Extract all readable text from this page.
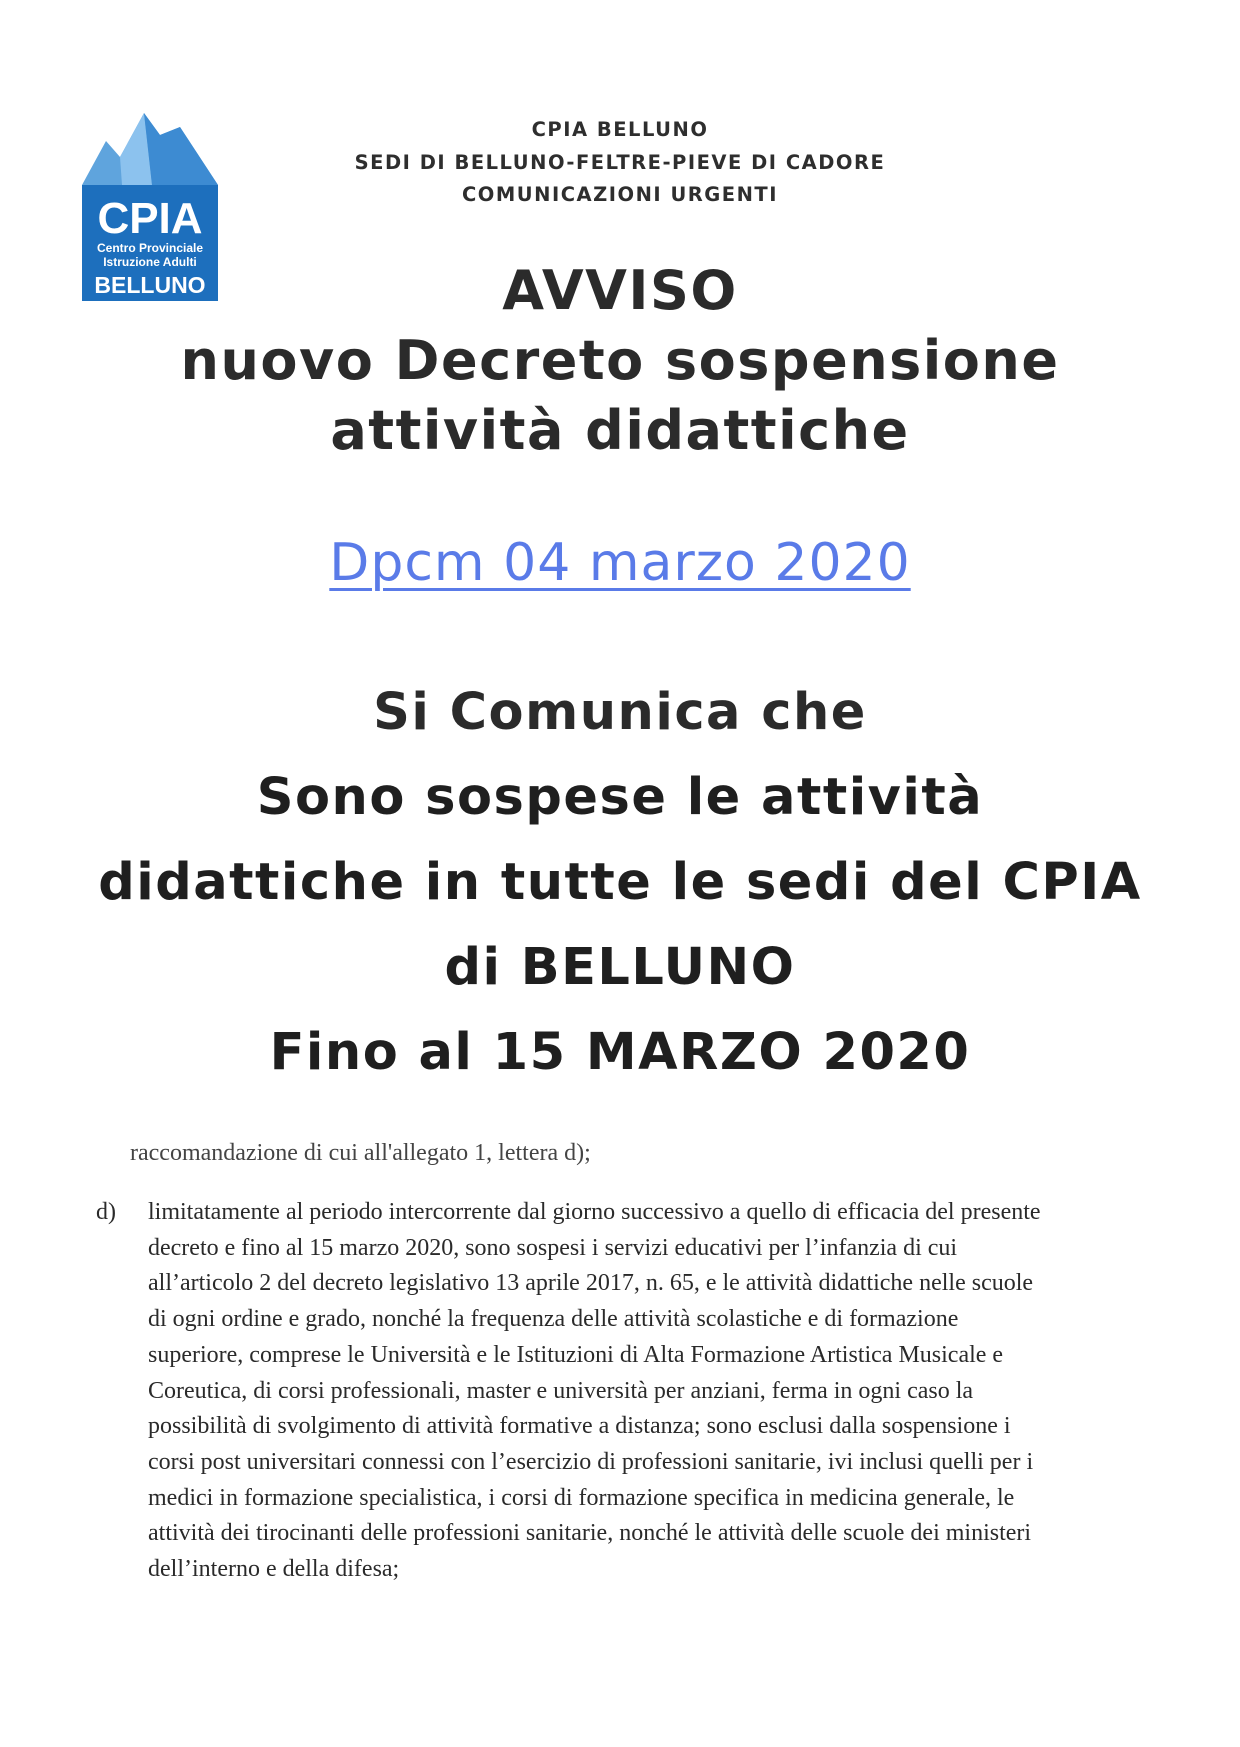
CPIA
Centro Provinciale
Istruzione Adulti
BELLUNO
CPIA BELLUNO
SEDI DI BELLUNO-FELTRE-PIEVE DI CADORE
COMUNICAZIONI URGENTI
AVVISO
nuovo Decreto sospensione
attività didattiche
Dpcm 04 marzo 2020
Si Comunica che
Sono sospese le attività
didattiche in tutte le sedi del CPIA
di BELLUNO
Fino al 15 MARZO 2020
raccomandazione di cui all'allegato 1, lettera d);
d)	limitatamente al periodo intercorrente dal giorno successivo a quello di efficacia del presente
decreto e fino al 15 marzo 2020, sono sospesi i servizi educativi per l’infanzia di cui
all’articolo 2 del decreto legislativo 13 aprile 2017, n. 65, e le attività didattiche nelle scuole
di ogni ordine e grado, nonché la frequenza delle attività scolastiche e di formazione
superiore, comprese le Università e le Istituzioni di Alta Formazione Artistica Musicale e
Coreutica, di corsi professionali, master e università per anziani, ferma in ogni caso la
possibilità di svolgimento di attività formative a distanza; sono esclusi dalla sospensione i
corsi post universitari connessi con l’esercizio di professioni sanitarie, ivi inclusi quelli per i
medici in formazione specialistica, i corsi di formazione specifica in medicina generale, le
attività dei tirocinanti delle professioni sanitarie, nonché le attività delle scuole dei ministeri
dell’interno e della difesa;
